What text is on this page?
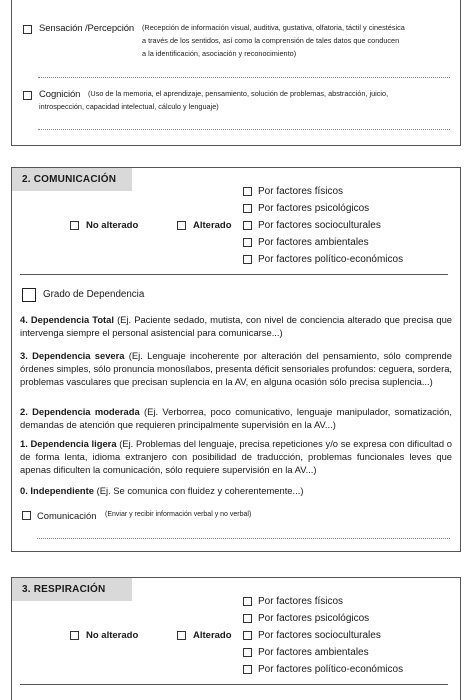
Sensación /Percepción (Recepción de información visual, auditiva, gustativa, olfatoria, táctil y cinestésica
a través de los sentidos, así como la comprensión de tales datos que conducen
a la identificación, asociación y reconocimiento)
Cognición (Uso de la memoria, el aprendizaje, pensamiento, solución de problemas, abstracción, juicio,
introspección, capacidad intelectual, cálculo y lenguaje)
2. COMUNICACIÓN
No alterado	Alterado
Por factores físicos
Por factores psicológicos
Por factores socioculturales
Por factores ambientales
Por factores político-económicos
Grado de Dependencia
4. Dependencia Total (Ej. Paciente sedado, mutista, con nivel de conciencia alterado que precisa que intervenga siempre el personal asistencial para comunicarse...)
3. Dependencia severa (Ej. Lenguaje incoherente por alteración del pensamiento, sólo comprende órdenes simples, sólo pronuncia monosílabos, presenta déficit sensoriales profundos: ceguera, sordera, problemas vasculares que precisan suplencia en la AV, en alguna ocasión sólo precisa suplencia...)
2. Dependencia moderada (Ej. Verborrea, poco comunicativo, lenguaje manipulador, somatización, demandas de atención que requieren principalmente supervisión en la AV...)
1. Dependencia ligera (Ej. Problemas del lenguaje, precisa repeticiones y/o se expresa con dificultad o de forma lenta, idioma extranjero con posibilidad de traducción, problemas funcionales leves que apenas dificulten la comunicación, sólo requiere supervisión en la AV...)
0. Independiente (Ej. Se comunica con fluidez y coherentemente...)
Comunicación (Enviar y recibir información verbal y no verbal)
3. RESPIRACIÓN
No alterado	Alterado
Por factores físicos
Por factores psicológicos
Por factores socioculturales
Por factores ambientales
Por factores político-económicos
